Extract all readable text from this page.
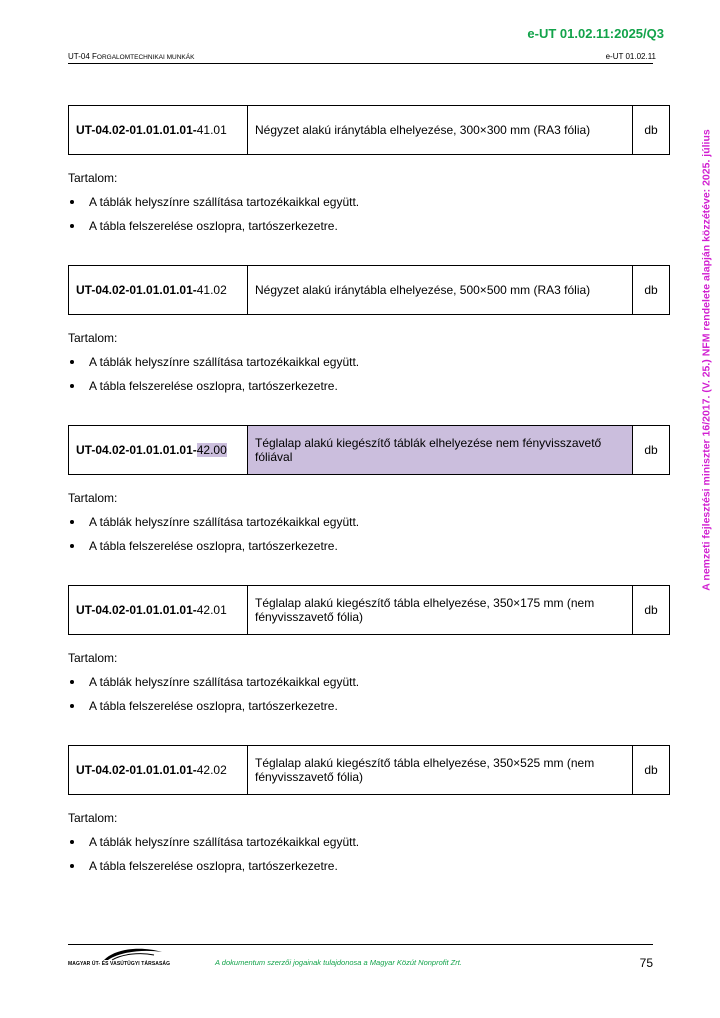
e-UT 01.02.11:2025/Q3
UT-04 FORGALOMTECHNIKAI MUNKÁK	e-UT 01.02.11
A nemzeti fejlesztési miniszter 16/2017. (V. 25.) NFM rendelete alapján közzétéve: 2025. július
UT-04.02-01.01.01.01-41.01	Négyzet alakú iránytábla elhelyezése, 300×300 mm (RA3 fólia)	db
Tartalom:
A táblák helyszínre szállítása tartozékaikkal együtt.
A tábla felszerelése oszlopra, tartószerkezetre.
UT-04.02-01.01.01.01-41.02	Négyzet alakú iránytábla elhelyezése, 500×500 mm (RA3 fólia)	db
Tartalom:
A táblák helyszínre szállítása tartozékaikkal együtt.
A tábla felszerelése oszlopra, tartószerkezetre.
UT-04.02-01.01.01.01-42.00	Téglalap alakú kiegészítő táblák elhelyezése nem fényvisszavető fóliával	db
Tartalom:
A táblák helyszínre szállítása tartozékaikkal együtt.
A tábla felszerelése oszlopra, tartószerkezetre.
UT-04.02-01.01.01.01-42.01	Téglalap alakú kiegészítő tábla elhelyezése, 350×175 mm (nem fényvisszavető fólia)	db
Tartalom:
A táblák helyszínre szállítása tartozékaikkal együtt.
A tábla felszerelése oszlopra, tartószerkezetre.
UT-04.02-01.01.01.01-42.02	Téglalap alakú kiegészítő tábla elhelyezése, 350×525 mm (nem fényvisszavető fólia)	db
Tartalom:
A táblák helyszínre szállítása tartozékaikkal együtt.
A tábla felszerelése oszlopra, tartószerkezetre.
MAGYAR ÚT- ÉS VASÚTÜGYI TÁRSASÁG	A dokumentum szerzői jogainak tulajdonosa a Magyar Közút Nonprofit Zrt.	75
